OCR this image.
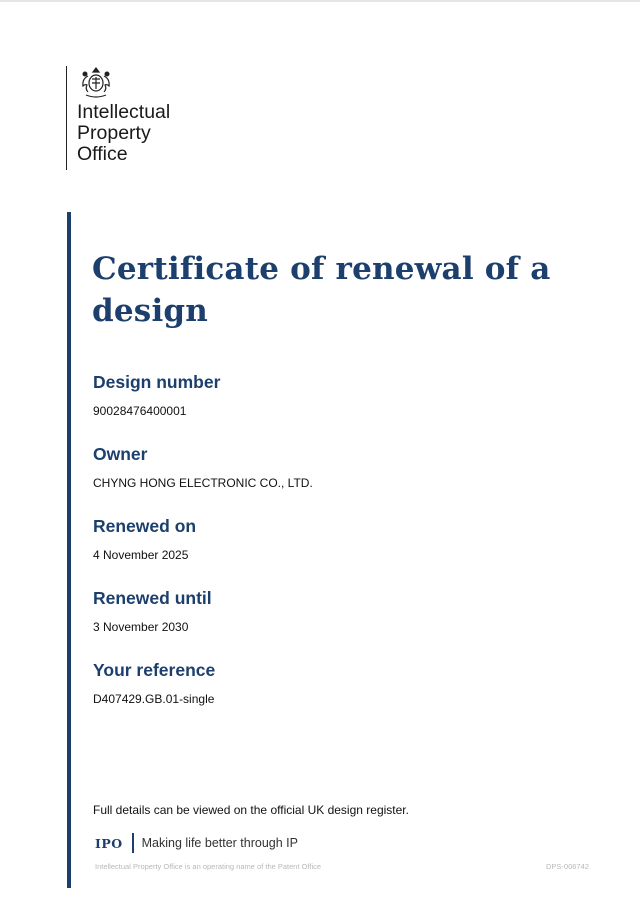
Intellectual
Property
Office
Certificate of renewal of a design
Design number
90028476400001
Owner
CHYNG HONG ELECTRONIC CO., LTD.
Renewed on
4 November 2025
Renewed until
3 November 2030
Your reference
D407429.GB.01-single
Full details can be viewed on the official UK design register.
IPO Making life better through IP
Intellectual Property Office is an operating name of the Patent Office	DPS-006742
